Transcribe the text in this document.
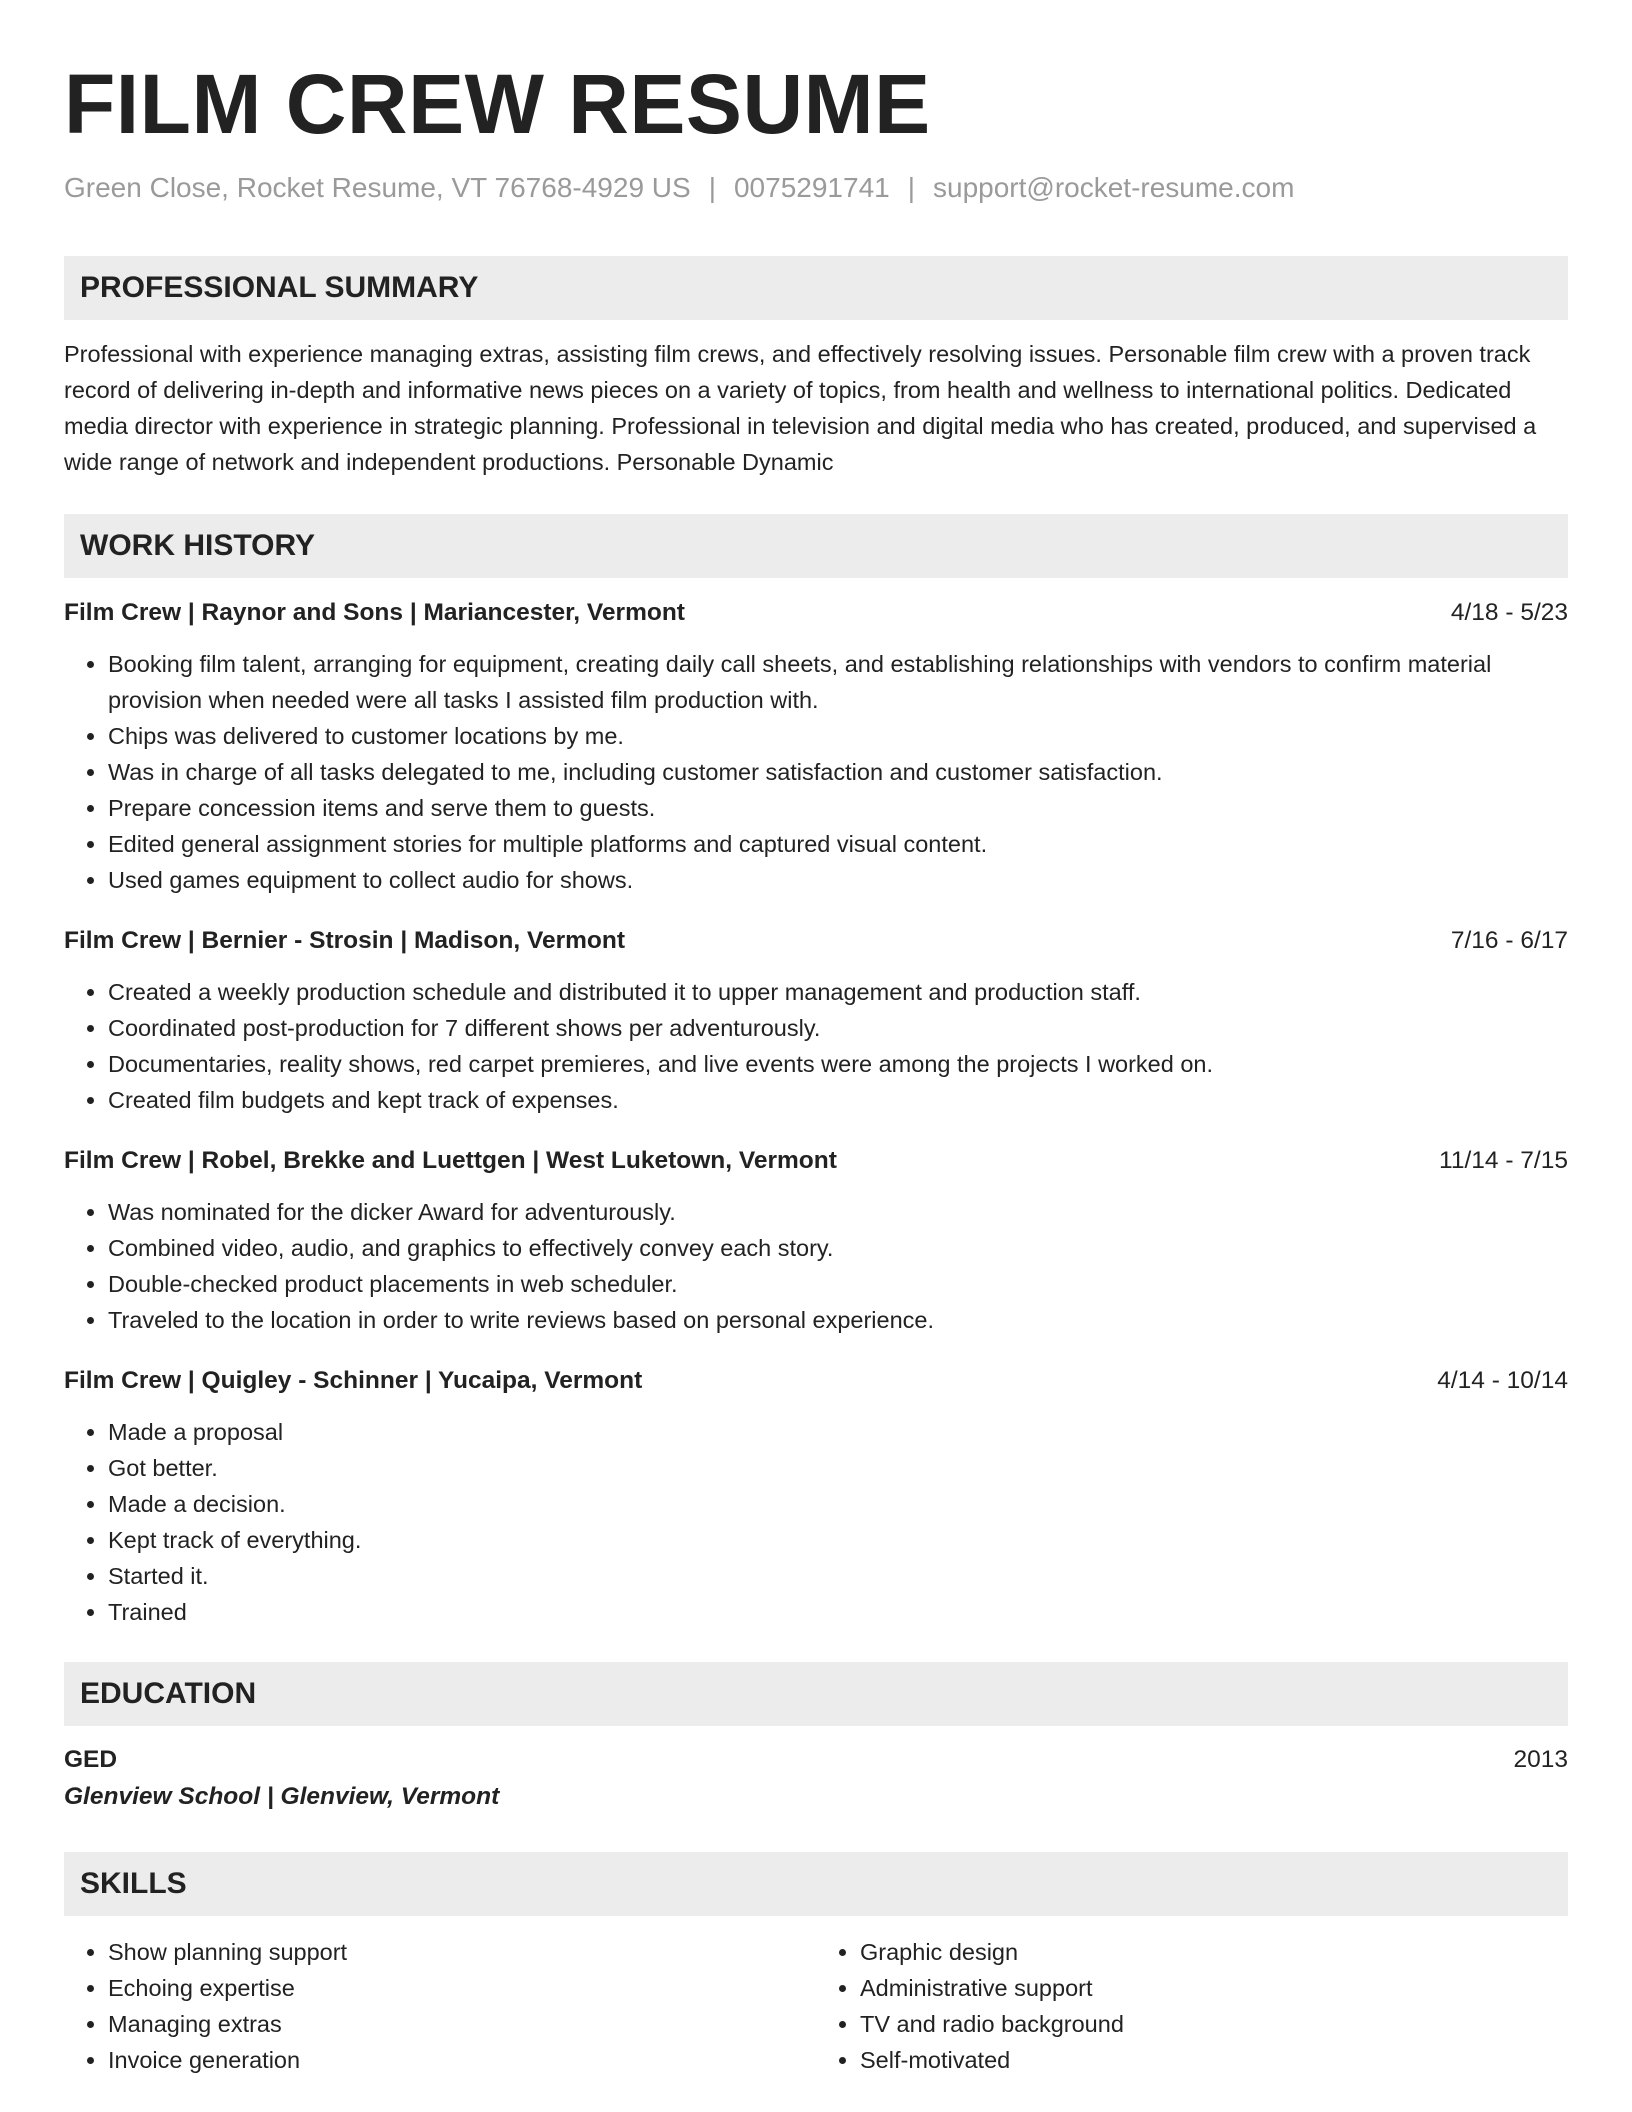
FILM CREW RESUME
Green Close, Rocket Resume, VT 76768-4929 US | 0075291741 | support@rocket-resume.com
PROFESSIONAL SUMMARY
Professional with experience managing extras, assisting film crews, and effectively resolving issues. Personable film crew with a proven track record of delivering in-depth and informative news pieces on a variety of topics, from health and wellness to international politics. Dedicated media director with experience in strategic planning. Professional in television and digital media who has created, produced, and supervised a wide range of network and independent productions. Personable Dynamic
WORK HISTORY
Film Crew | Raynor and Sons | Mariancester, Vermont	4/18 - 5/23
• Booking film talent, arranging for equipment, creating daily call sheets, and establishing relationships with vendors to confirm material provision when needed were all tasks I assisted film production with.
• Chips was delivered to customer locations by me.
• Was in charge of all tasks delegated to me, including customer satisfaction and customer satisfaction.
• Prepare concession items and serve them to guests.
• Edited general assignment stories for multiple platforms and captured visual content.
• Used games equipment to collect audio for shows.
Film Crew | Bernier - Strosin | Madison, Vermont	7/16 - 6/17
• Created a weekly production schedule and distributed it to upper management and production staff.
• Coordinated post-production for 7 different shows per adventurously.
• Documentaries, reality shows, red carpet premieres, and live events were among the projects I worked on.
• Created film budgets and kept track of expenses.
Film Crew | Robel, Brekke and Luettgen | West Luketown, Vermont	11/14 - 7/15
• Was nominated for the dicker Award for adventurously.
• Combined video, audio, and graphics to effectively convey each story.
• Double-checked product placements in web scheduler.
• Traveled to the location in order to write reviews based on personal experience.
Film Crew | Quigley - Schinner | Yucaipa, Vermont	4/14 - 10/14
• Made a proposal
• Got better.
• Made a decision.
• Kept track of everything.
• Started it.
• Trained
EDUCATION
GED	2013
Glenview School | Glenview, Vermont
SKILLS
• Show planning support
• Echoing expertise
• Managing extras
• Invoice generation
• Graphic design
• Administrative support
• TV and radio background
• Self-motivated
